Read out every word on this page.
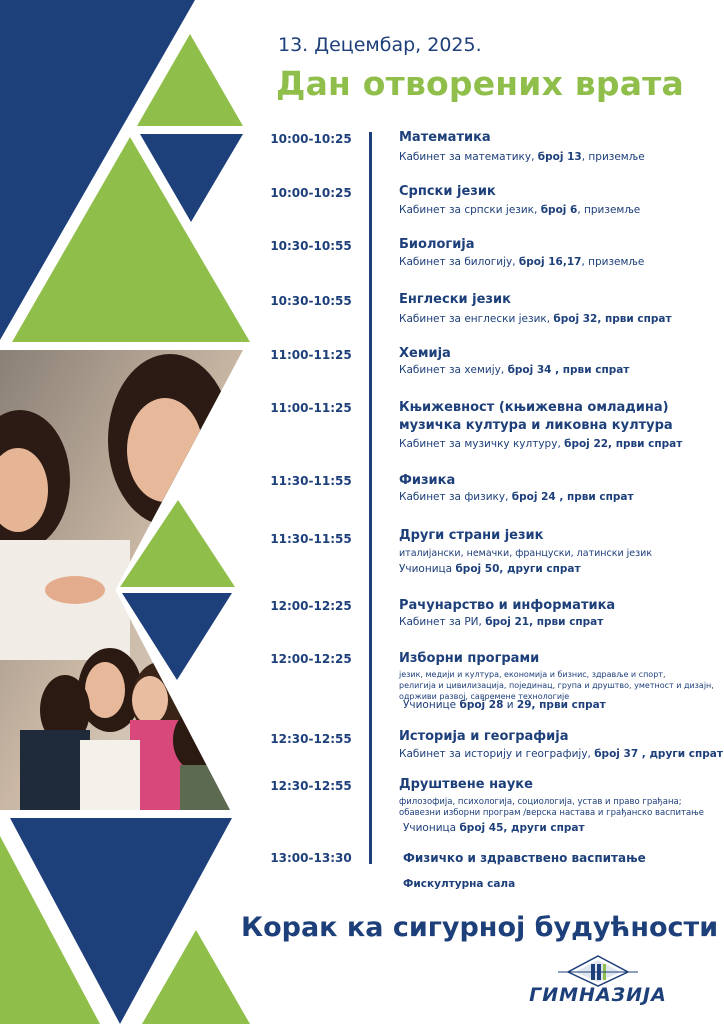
13. Децембар, 2025.
Дан отворених врата
10:00-10:25	Математика
Кабинет за математику, број 13, приземље
10:00-10:25	Српски језик
Кабинет за српски језик, број 6, приземље
10:30-10:55	Биологија
Кабинет за билогију, број 16,17, приземље
10:30-10:55	Енглески језик
Кабинет за енглески језик, број 32, први спрат
11:00-11:25	Хемија
Кабинет за хемију, број 34 , први спрат
11:00-11:25	Књижевност (књижевна омладина)
музичка култура и ликовна култура
Кабинет за музичку културу, број 22, први спрат
11:30-11:55	Физика
Кабинет за физику, број 24 , први спрат
11:30-11:55	Други страни језик
италијански, немачки, француски, латински језик
Учионица број 50, други спрат
12:00-12:25	Рачунарство и информатика
Кабинет за РИ, број 21, први спрат
12:00-12:25	Изборни програми
језик, медији и култура, економија и бизнис, здравље и спорт,
религија и цивилизација, појединац, група и друштво, уметност и дизајн,
одрживи развој, савремене технологије
Учионице број 28 и 29, први спрат
12:30-12:55	Историја и географија
Кабинет за историју и географију, број 37 , други спрат
12:30-12:55	Друштвене науке
филозофија, психологија, социологија, устав и право грађана;
обавезни изборни програм /верска настава и грађанско васпитање
Учионица број 45, други спрат
13:00-13:30	Физичко и здравствено васпитање
Фискултурна сала
Корак ка сигурној будућности
ГИМНАЗИЈА
